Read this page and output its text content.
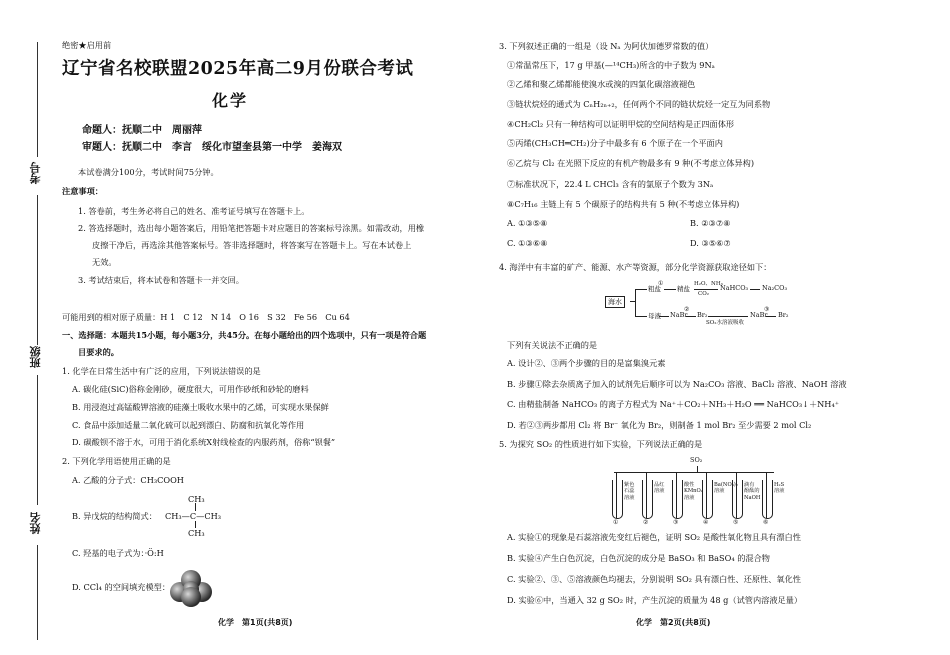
考号
班级
姓名
绝密★启用前
辽宁省名校联盟2025年高二9月份联合考试
化学
命题人：抚顺二中　周丽萍
审题人：抚顺二中　李言　绥化市望奎县第一中学　姜海双
本试卷满分100分，考试时间75分钟。
注意事项：
1. 答卷前，考生务必将自己的姓名、准考证号填写在答题卡上。
2. 答选择题时，选出每小题答案后，用铅笔把答题卡对应题目的答案标号涂黑。如需改动，用橡
皮擦干净后，再选涂其他答案标号。答非选择题时，将答案写在答题卡上。写在本试卷上
无效。
3. 考试结束后，将本试卷和答题卡一并交回。
可能用到的相对原子质量：H 1　C 12　N 14　O 16　S 32　Fe 56　Cu 64
一、选择题：本题共15小题，每小题3分，共45分。在每小题给出的四个选项中，只有一项是符合题
目要求的。
1. 化学在日常生活中有广泛的应用，下列说法错误的是
A. 碳化硅(SiC)俗称金刚砂，硬度很大，可用作砂纸和砂轮的磨料
B. 用浸泡过高锰酸钾溶液的硅藻土吸收水果中的乙烯，可实现水果保鲜
C. 食品中添加适量二氧化硫可以起到漂白、防腐和抗氧化等作用
D. 碳酸钡不溶于水，可用于消化系统X射线检查的内服药剂，俗称“钡餐”
2. 下列化学用语使用正确的是
A. 乙酸的分子式：CH₃COOH
B. 异戊烷的结构简式：
CH₃
CH₃—C—CH₃
CH₃
C. 羟基的电子式为：·Ö:H
D. CCl₄ 的空间填充模型：
化学　第1页(共8页)
3. 下列叙述正确的一组是（设 Nₐ 为阿伏加德罗常数的值）
①常温常压下，17 g 甲基(—¹⁴CH₃)所含的中子数为 9Nₐ
②乙烯和聚乙烯都能使溴水或溴的四氯化碳溶液褪色
③链状烷烃的通式为 CₙH₂ₙ₊₂，任何两个不同的链状烷烃一定互为同系物
④CH₂Cl₂ 只有一种结构可以证明甲烷的空间结构是正四面体形
⑤丙烯(CH₃CH═CH₂)分子中最多有 6 个原子在一个平面内
⑥乙烷与 Cl₂ 在光照下反应的有机产物最多有 9 种(不考虑立体异构)
⑦标准状况下，22.4 L CHCl₃ 含有的氯原子个数为 3Nₐ
⑧C₇H₁₆ 主链上有 5 个碳原子的结构共有 5 种(不考虑立体异构)
A. ①③⑤⑧	B. ②③⑦⑧
C. ①③⑥⑧	D. ③⑤⑥⑦
4. 海洋中有丰富的矿产、能源、水产等资源，部分化学资源获取途径如下：
海水
粗盐
①
精盐
H₂O、NH₃
CO₂
NaHCO₃ Na₂CO₃
母液 NaBr
②
Br₂
SO₂水溶液吸收
NaBr
③
Br₂
下列有关说法不正确的是
A. 设计②、③两个步骤的目的是富集溴元素
B. 步骤①除去杂质离子加入的试剂先后顺序可以为 Na₂CO₃ 溶液、BaCl₂ 溶液、NaOH 溶液
C. 由精盐制备 NaHCO₃ 的离子方程式为 Na⁺＋CO₂＋NH₃＋H₂O ══ NaHCO₃↓＋NH₄⁺
D. 若②③两步都用 Cl₂ 将 Br⁻ 氧化为 Br₂，则制备 1 mol Br₂ 至少需要 2 mol Cl₂
5. 为探究 SO₂ 的性质进行如下实验，下列说法正确的是
SO₂
紫色
石蕊
溶液
①
品红
溶液
②
酸性
KMnO₄
溶液
③
Ba(NO₃)₂
溶液
④
滴有
酚酞的
NaOH
⑤
H₂S
溶液
⑥
A. 实验①的现象是石蕊溶液先变红后褪色，证明 SO₂ 是酸性氧化物且具有漂白性
B. 实验④产生白色沉淀，白色沉淀的成分是 BaSO₃ 和 BaSO₄ 的混合物
C. 实验②、③、⑤溶液颜色均褪去，分别说明 SO₂ 具有漂白性、还原性、氧化性
D. 实验⑥中，当通入 32 g SO₂ 时，产生沉淀的质量为 48 g（试管内溶液足量）
化学　第2页(共8页)
